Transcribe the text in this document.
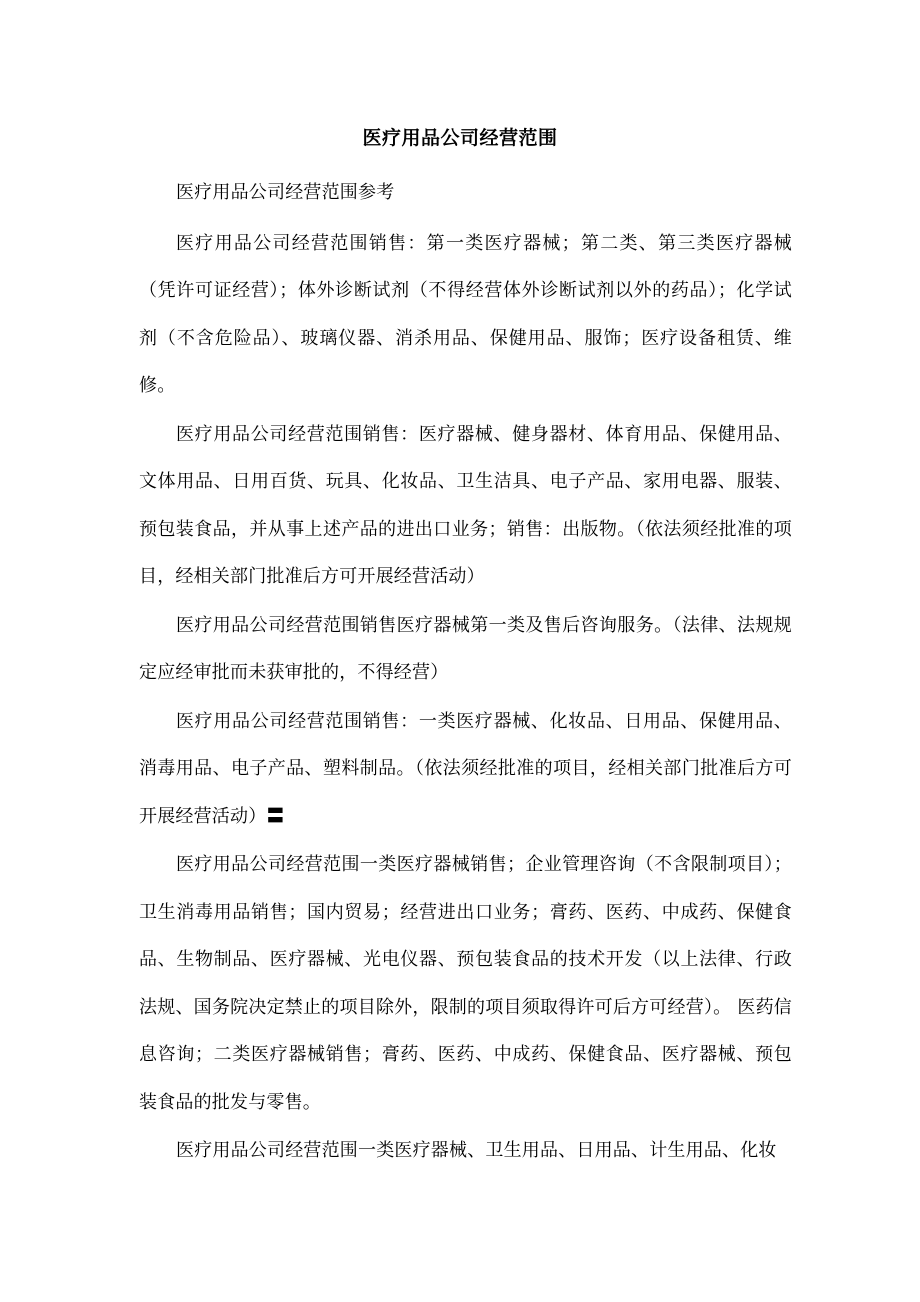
医疗用品公司经营范围

医疗用品公司经营范围参考

医疗用品公司经营范围销售：第一类医疗器械；第二类、第三类医疗器械（凭许可证经营）；体外诊断试剂（不得经营体外诊断试剂以外的药品）；化学试剂（不含危险品）、玻璃仪器、消杀用品、保健用品、服饰；医疗设备租赁、维修。

医疗用品公司经营范围销售：医疗器械、健身器材、体育用品、保健用品、文体用品、日用百货、玩具、化妆品、卫生洁具、电子产品、家用电器、服装、预包装食品，并从事上述产品的进出口业务；销售：出版物。（依法须经批准的项目，经相关部门批准后方可开展经营活动）

医疗用品公司经营范围销售医疗器械第一类及售后咨询服务。（法律、法规规定应经审批而未获审批的，不得经营）

医疗用品公司经营范围销售：一类医疗器械、化妆品、日用品、保健用品、消毒用品、电子产品、塑料制品。（依法须经批准的项目，经相关部门批准后方可开展经营活动）〓

医疗用品公司经营范围一类医疗器械销售；企业管理咨询（不含限制项目）；卫生消毒用品销售；国内贸易；经营进出口业务；膏药、医药、中成药、保健食品、生物制品、医疗器械、光电仪器、预包装食品的技术开发（以上法律、行政法规、国务院决定禁止的项目除外，限制的项目须取得许可后方可经营）。 医药信息咨询；二类医疗器械销售；膏药、医药、中成药、保健食品、医疗器械、预包装食品的批发与零售。

医疗用品公司经营范围一类医疗器械、卫生用品、日用品、计生用品、化妆
